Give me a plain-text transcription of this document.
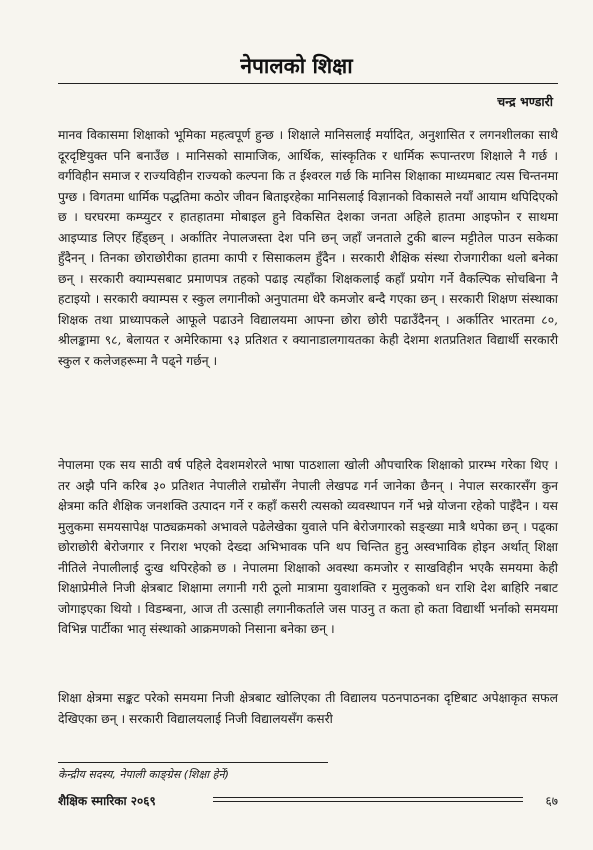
नेपालको शिक्षा
चन्द्र भण्डारी

मानव विकासमा शिक्षाको भूमिका महत्वपूर्ण हुन्छ । शिक्षाले मानिसलाई मर्यादित, अनुशासित र लगनशीलका साथै दूरदृष्टियुक्त पनि बनाउँछ । मानिसको सामाजिक, आर्थिक, सांस्कृतिक र धार्मिक रूपान्तरण शिक्षाले नै गर्छ । वर्गविहीन समाज र राज्यविहीन राज्यको कल्पना कि त ईश्वरल गर्छ कि मानिस शिक्षाका माध्यमबाट त्यस चिन्तनमा पुग्छ । विगतमा धार्मिक पद्धतिमा कठोर जीवन बिताइरहेका मानिसलाई विज्ञानको विकासले नयाँ आयाम थपिदिएको छ । घरघरमा कम्प्युटर र हातहातमा मोबाइल हुने विकसित देशका जनता अहिले हातमा आइफोन र साथमा आइप्याड लिएर हिँड्छन् । अर्कातिर नेपालजस्ता देश पनि छन् जहाँ जनताले टुकी बाल्न मट्टीतेल पाउन सकेका हुँदैनन् । तिनका छोराछोरीका हातमा कापी र सिसाकलम हुँदैन । सरकारी शैक्षिक संस्था रोजगारीका थलो बनेका छन् । सरकारी क्याम्पसबाट प्रमाणपत्र तहको पढाइ त्यहाँका शिक्षकलाई कहाँ प्रयोग गर्ने वैकल्पिक सोचबिना नै हटाइयो । सरकारी क्याम्पस र स्कुल लगानीको अनुपातमा धेरै कमजोर बन्दै गएका छन् । सरकारी शिक्षण संस्थाका शिक्षक तथा प्राध्यापकले आफूले पढाउने विद्यालयमा आफ्ना छोरा छोरी पढाउँदैनन् । अर्कातिर भारतमा ८०, श्रीलङ्कामा ९८, बेलायत र अमेरिकामा ९३ प्रतिशत र क्यानाडालगायतका केही देशमा शतप्रतिशत विद्यार्थी सरकारी स्कुल र कलेजहरूमा नै पढ्ने गर्छन् ।

नेपालमा एक सय साठी वर्ष पहिले देवशमशेरले भाषा पाठशाला खोली औपचारिक शिक्षाको प्रारम्भ गरेका थिए । तर अझै पनि करिब ३० प्रतिशत नेपालीले राम्रोसँग नेपाली लेखपढ गर्न जानेका छैनन् । नेपाल सरकारसँग कुन क्षेत्रमा कति शैक्षिक जनशक्ति उत्पादन गर्ने र कहाँ कसरी त्यसको व्यवस्थापन गर्ने भन्ने योजना रहेको पाइँदैन । यस मुलुकमा समयसापेक्ष पाठ्यक्रमको अभावले पढेलेखेका युवाले पनि बेरोजगारको सङ्ख्या मात्रै थपेका छन् । पढ्का छोराछोरी बेरोजगार र निराश भएको देख्दा अभिभावक पनि थप चिन्तित हुनु अस्वभाविक होइन अर्थात् शिक्षा नीतिले नेपालीलाई दुःख थपिरहेको छ । नेपालमा शिक्षाको अवस्था कमजोर र साखविहीन भएकै समयमा केही शिक्षाप्रेमीले निजी क्षेत्रबाट शिक्षामा लगानी गरी ठूलो मात्रामा युवाशक्ति र मुलुकको धन राशि देश बाहिरि नबाट जोगाइएका थियो । विडम्बना, आज ती उत्साही लगानीकर्ताले जस पाउनु त कता हो कता विद्यार्थी भर्नाको समयमा विभिन्न पार्टीका भातृ संस्थाको आक्रमणको निसाना बनेका छन् ।

शिक्षा क्षेत्रमा सङ्कट परेको समयमा निजी क्षेत्रबाट खोलिएका ती विद्यालय पठनपाठनका दृष्टिबाट अपेक्षाकृत सफल देखिएका छन् । सरकारी विद्यालयलाई निजी विद्यालयसँग कसरी

केन्द्रीय सदस्य, नेपाली काङ्ग्रेस (शिक्षा हेर्ने)
शैक्षिक स्मारिका २०६९	६७
